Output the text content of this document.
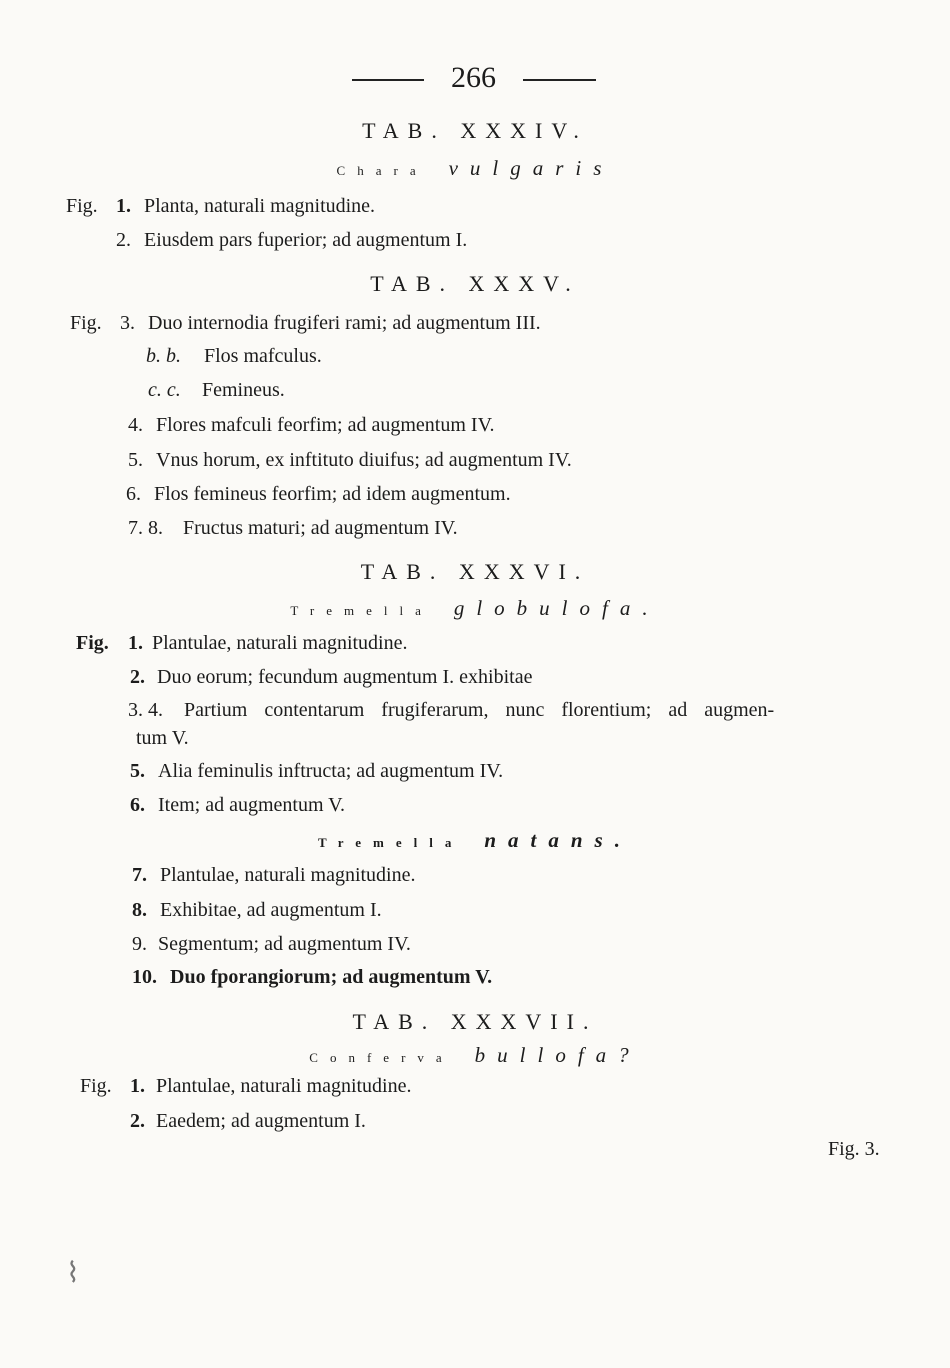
266
TAB. XXXIV.
Chara vulgaris
Fig. 1. Planta, naturali magnitudine.
2. Eiusdem pars fuperior; ad augmentum I.
TAB. XXXV.
Fig. 3. Duo internodia frugiferi rami; ad augmentum III.
b. b. Flos mafculus.
c. c. Femineus.
4. Flores mafculi feorfim; ad augmentum IV.
5. Vnus horum, ex inftituto diuifus; ad augmentum IV.
6. Flos femineus feorfim; ad idem augmentum.
7. 8. Fructus maturi; ad augmentum IV.
TAB. XXXVI.
Tremella globulofa.
Fig. 1. Plantulae, naturali magnitudine.
2. Duo eorum; fecundum augmentum I. exhibitae
3. 4. Partium contentarum frugiferarum, nunc florentium; ad augmen-
tum V.
5. Alia feminulis inftructa; ad augmentum IV.
6. Item; ad augmentum V.
Tremella natans.
7. Plantulae, naturali magnitudine.
8. Exhibitae, ad augmentum I.
9. Segmentum; ad augmentum IV.
10. Duo fporangiorum; ad augmentum V.
TAB. XXXVII.
Conferva bullofa?
Fig. 1. Plantulae, naturali magnitudine.
2. Eaedem; ad augmentum I.
Fig. 3.
⌇
